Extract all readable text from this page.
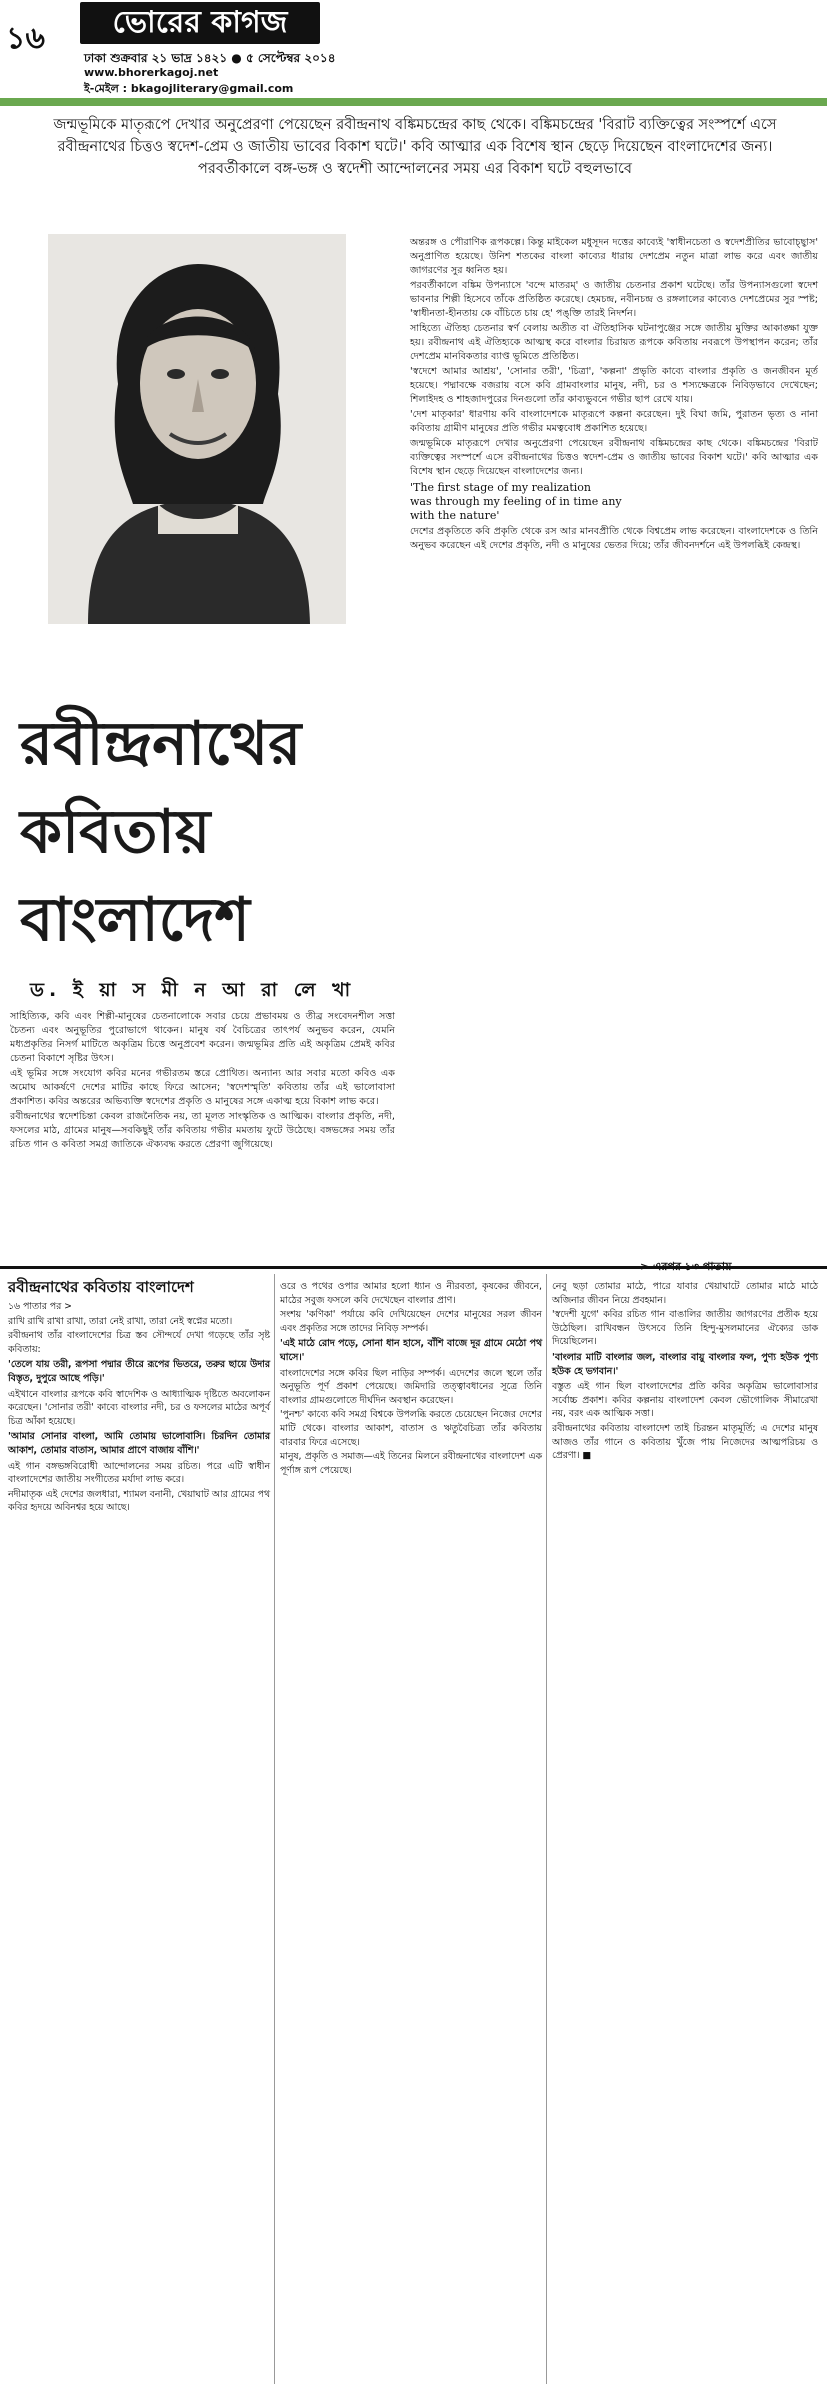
১৬	ভোরের কাগজ
ঢাকা শুক্রবার ২১ ভাদ্র ১৪২১ ● ৫ সেপ্টেম্বর ২০১৪
www.bhorerkagoj.net
ই-মেইল : bkagojliterary@gmail.com
জন্মভূমিকে মাতৃরূপে দেখার অনুপ্রেরণা পেয়েছেন রবীন্দ্রনাথ বঙ্কিমচন্দ্রের কাছ থেকে। বঙ্কিমচন্দ্রের 'বিরাট ব্যক্তিত্বের সংস্পর্শে এসে রবীন্দ্রনাথের চিত্তও স্বদেশ-প্রেম ও জাতীয় ভাবের বিকাশ ঘটে।' কবি আত্মার এক বিশেষ স্থান ছেড়ে দিয়েছেন বাংলাদেশের জন্য। পরবর্তীকালে বঙ্গ-ভঙ্গ ও স্বদেশী আন্দোলনের সময় এর বিকাশ ঘটে বহুলভাবে
রবীন্দ্রনাথের
কবিতায়
বাংলাদেশ
ড. ই য়া স মী ন আ রা লে খা

সাহিত্যিক, কবি এবং শিল্পী-মানুষের চেতনালোকে সবার চেয়ে প্রভাবময় ও তীব্র সংবেদনশীল সত্তা চৈতন্য এবং অনুভূতির পুরোভাগে থাকেন। মানুষ বর্ষ বৈচিত্রের তাৎপর্য অনুভব করেন, যেমনি মধ্যপ্রকৃতির নিসর্গ মাটিতে অকৃত্রিম চিত্তে অনুপ্রবেশ করেন। জন্মভূমির প্রতি এই অকৃত্রিম প্রেমই কবির চেতনা বিকাশে সৃষ্টির উৎস।

এই ভূমির সঙ্গে সংযোগ কবির মনের গভীরতম স্তরে প্রোথিত। অন্যান্য আর সবার মতো কবিও এক অমোঘ আকর্ষণে দেশের মাটির কাছে ফিরে আসেন; 'স্বদেশস্মৃতি' কবিতায় তাঁর এই ভালোবাসা প্রকাশিত। কবির অন্তরের অভিব্যক্তি স্বদেশের প্রকৃতি ও মানুষের সঙ্গে একাত্ম হয়ে বিকাশ লাভ করে।

রবীন্দ্রনাথের স্বদেশচিন্তা কেবল রাজনৈতিক নয়, তা মূলত সাংস্কৃতিক ও আত্মিক। বাংলার প্রকৃতি, নদী, ফসলের মাঠ, গ্রামের মানুষ—সবকিছুই তাঁর কবিতায় গভীর মমতায় ফুটে উঠেছে। বঙ্গভঙ্গের সময় তাঁর রচিত গান ও কবিতা সমগ্র জাতিকে ঐক্যবদ্ধ করতে প্রেরণা জুগিয়েছে।

অন্তরঙ্গ ও পৌরাণিক রূপকল্পে। কিন্তু মাইকেল মধুসূদন দত্তের কাব্যেই 'স্বাধীনচেতা ও স্বদেশপ্রীতির ভাবোচ্ছ্বাস' অনুপ্রাণিত হয়েছে। উনিশ শতকের বাংলা কাব্যের ধারায় দেশপ্রেম নতুন মাত্রা লাভ করে এবং জাতীয় জাগরণের সুর ধ্বনিত হয়।

পরবর্তীকালে বঙ্কিম উপন্যাসে 'বন্দে মাতরম্' ও জাতীয় চেতনার প্রকাশ ঘটেছে। তাঁর উপন্যাসগুলো স্বদেশ ভাবনার শিল্পী হিসেবে তাঁকে প্রতিষ্ঠিত করেছে। হেমচন্দ্র, নবীনচন্দ্র ও রঙ্গলালের কাব্যেও দেশপ্রেমের সুর স্পষ্ট; 'স্বাধীনতা-হীনতায় কে বাঁচিতে চায় হে' পঙ্‌ক্তি তারই নিদর্শন।

সাহিত্যে ঐতিহ্য চেতনার স্বর্ণ বেলায় অতীত বা ঐতিহাসিক ঘটনাপুঞ্জের সঙ্গে জাতীয় মুক্তির আকাঙ্ক্ষা যুক্ত হয়। রবীন্দ্রনাথ এই ঐতিহ্যকে আত্মস্থ করে বাংলার চিরায়ত রূপকে কবিতায় নবরূপে উপস্থাপন করেন; তাঁর দেশপ্রেম মানবিকতার ব্যাপ্ত ভূমিতে প্রতিষ্ঠিত।

'স্বদেশে আমার আশ্রয়', 'সোনার তরী', 'চিত্রা', 'কল্পনা' প্রভৃতি কাব্যে বাংলার প্রকৃতি ও জনজীবন মূর্ত হয়েছে। পদ্মাবক্ষে বজরায় বসে কবি গ্রামবাংলার মানুষ, নদী, চর ও শস্যক্ষেত্রকে নিবিড়ভাবে দেখেছেন; শিলাইদহ ও শাহজাদপুরের দিনগুলো তাঁর কাব্যভুবনে গভীর ছাপ রেখে যায়।

'দেশ মাতৃকার' ধারণায় কবি বাংলাদেশকে মাতৃরূপে কল্পনা করেছেন। দুই বিঘা জমি, পুরাতন ভৃত্য ও নানা কবিতায় গ্রামীণ মানুষের প্রতি গভীর মমত্ববোধ প্রকাশিত হয়েছে।

জন্মভূমিকে মাতৃরূপে দেখার অনুপ্রেরণা পেয়েছেন রবীন্দ্রনাথ বঙ্কিমচন্দ্রের কাছ থেকে। বঙ্কিমচন্দ্রের 'বিরাট ব্যক্তিত্বের সংস্পর্শে এসে রবীন্দ্রনাথের চিত্তও স্বদেশ-প্রেম ও জাতীয় ভাবের বিকাশ ঘটে।' কবি আত্মার এক বিশেষ স্থান ছেড়ে দিয়েছেন বাংলাদেশের জন্য।

'The first stage of my realization
was through my feeling of in time any
with the nature'

দেশের প্রকৃতিতে কবি প্রকৃতি থেকে রস আর মানবপ্রীতি থেকে বিশ্বপ্রেম লাভ করেছেন। বাংলাদেশকে ও তিনি অনুভব করেছেন এই দেশের প্রকৃতি, নদী ও মানুষের ভেতর দিয়ে; তাঁর জীবনদর্শনে এই উপলব্ধিই কেন্দ্রস্থ।

রবীন্দ্রনাথের কবিতায় বাংলাদেশ

১৬ পাতার পর >

রাখি রাখি রাখা রাখা, তারা নেই রাখা, তারা নেই স্বপ্নের মতো।

রবীন্দ্রনাথ তাঁর বাংলাদেশের চিত্র স্তব সৌন্দর্যে দেখা গড়েছে তাঁর সৃষ্ট কবিতায়:

'তেলে যায় তরী, রূপসা পদ্মার তীরে রূপের ভিতরে, তরুর ছায়ে উদার বিস্তৃত, দুপুরে আছে পড়ি।'

এইখানে বাংলার রূপকে কবি স্বাদেশিক ও আধ্যাত্মিক দৃষ্টিতে অবলোকন করেছেন। 'সোনার তরী' কাব্যে বাংলার নদী, চর ও ফসলের মাঠের অপূর্ব চিত্র আঁকা হয়েছে।

'আমার সোনার বাংলা, আমি তোমায় ভালোবাসি। চিরদিন তোমার আকাশ, তোমার বাতাস, আমার প্রাণে বাজায় বাঁশি।'

এই গান বঙ্গভঙ্গবিরোধী আন্দোলনের সময় রচিত। পরে এটি স্বাধীন বাংলাদেশের জাতীয় সংগীতের মর্যাদা লাভ করে।

নদীমাতৃক এই দেশের জলধারা, শ্যামল বনানী, খেয়াঘাট আর গ্রামের পথ কবির হৃদয়ে অবিনশ্বর হয়ে আছে।

ওরে ও পথের ওপার আমার হলো ধ্যান ও নীরবতা, কৃষকের জীবনে, মাঠের সবুজ ফসলে কবি দেখেছেন বাংলার প্রাণ।

সংশয় 'কণিকা' পর্যায়ে কবি দেখিয়েছেন দেশের মানুষের সরল জীবন এবং প্রকৃতির সঙ্গে তাদের নিবিড় সম্পর্ক।

'এই মাঠে রোদ পড়ে, সোনা ধান হাসে, বাঁশি বাজে দূর গ্রামে মেঠো পথ ঘাসে।'

বাংলাদেশের সঙ্গে কবির ছিল নাড়ির সম্পর্ক। এদেশের জলে স্থলে তাঁর অনুভূতি পূর্ণ প্রকাশ পেয়েছে। জমিদারি তত্ত্বাবধানের সূত্রে তিনি বাংলার গ্রামগুলোতে দীর্ঘদিন অবস্থান করেছেন।

'পুনশ্চ' কাব্যে কবি সমগ্র বিশ্বকে উপলব্ধি করতে চেয়েছেন নিজের দেশের মাটি থেকে। বাংলার আকাশ, বাতাস ও ঋতুবৈচিত্র্য তাঁর কবিতায় বারবার ফিরে এসেছে।

মানুষ, প্রকৃতি ও সমাজ—এই তিনের মিলনে রবীন্দ্রনাথের বাংলাদেশ এক পূর্ণাঙ্গ রূপ পেয়েছে।

নেবু ছড়া তোমার মাঠে, পারে যাবার খেয়াঘাটে তোমার মাঠে মাঠে অজিনার জীবন নিয়ে প্রবহমান।

'স্বদেশী যুগে' কবির রচিত গান বাঙালির জাতীয় জাগরণের প্রতীক হয়ে উঠেছিল। রাখিবন্ধন উৎসবে তিনি হিন্দু-মুসলমানের ঐক্যের ডাক দিয়েছিলেন।

'বাংলার মাটি বাংলার জল, বাংলার বায়ু বাংলার ফল, পুণ্য হউক পুণ্য হউক হে ভগবান।'

বস্তুত এই গান ছিল বাংলাদেশের প্রতি কবির অকৃত্রিম ভালোবাসার সর্বোচ্চ প্রকাশ। কবির কল্পনায় বাংলাদেশ কেবল ভৌগোলিক সীমারেখা নয়, বরং এক আত্মিক সত্তা।

রবীন্দ্রনাথের কবিতায় বাংলাদেশ তাই চিরন্তন মাতৃমূর্তি; এ দেশের মানুষ আজও তাঁর গানে ও কবিতায় খুঁজে পায় নিজেদের আত্মপরিচয় ও প্রেরণা। ■
